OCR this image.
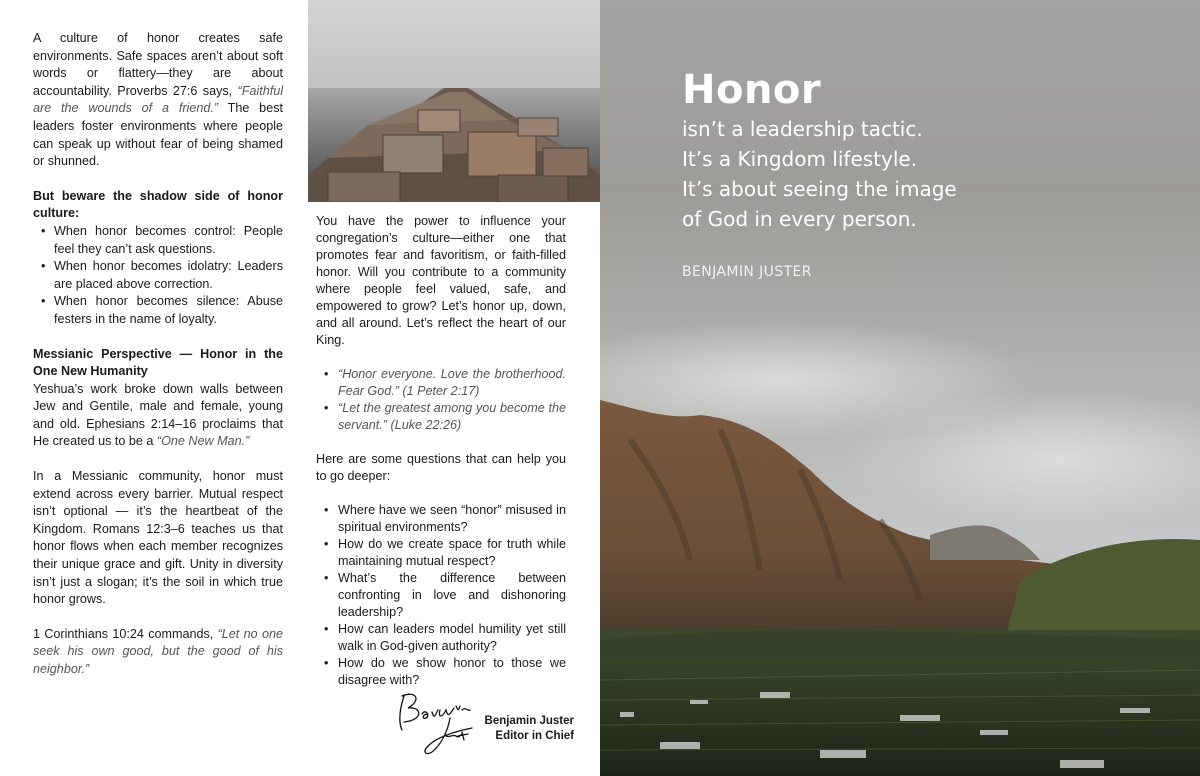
A culture of honor creates safe environments. Safe spaces aren’t about soft words or flattery—they are about accountability. Proverbs 27:6 says, “Faithful are the wounds of a friend.” The best leaders foster environments where people can speak up without fear of being shamed or shunned.

But beware the shadow side of honor culture:
• When honor becomes control: People feel they can’t ask questions.
• When honor becomes idolatry: Leaders are placed above correction.
• When honor becomes silence: Abuse festers in the name of loyalty.
Messianic Perspective — Honor in the One New Humanity

Yeshua’s work broke down walls between Jew and Gentile, male and female, young and old. Ephesians 2:14–16 proclaims that He created us to be a “One New Man.”

In a Messianic community, honor must extend across every barrier. Mutual respect isn’t optional — it’s the heartbeat of the Kingdom. Romans 12:3–6 teaches us that honor flows when each member recognizes their unique grace and gift. Unity in diversity isn’t just a slogan; it’s the soil in which true honor grows.

1 Corinthians 10:24 commands, “Let no one seek his own good, but the good of his neighbor.”

You have the power to influence your congregation’s culture—either one that promotes fear and favoritism, or faith-filled honor. Will you contribute to a community where people feel valued, safe, and empowered to grow? Let’s honor up, down, and all around. Let’s reflect the heart of our King.

• “Honor everyone. Love the brotherhood. Fear God.” (1 Peter 2:17)
• “Let the greatest among you become the servant.” (Luke 22:26)

Here are some questions that can help you to go deeper:

• Where have we seen “honor” misused in spiritual environments?
• How do we create space for truth while maintaining mutual respect?
• What’s the difference between confronting in love and dishonoring leadership?
• How can leaders model humility yet still walk in God-given authority?
• How do we show honor to those we disagree with?
Benjamin Juster
Editor in Chief
Honor
isn’t a leadership tactic.
It’s a Kingdom lifestyle.
It’s about seeing the image
of God in every person.
BENJAMIN JUSTER
